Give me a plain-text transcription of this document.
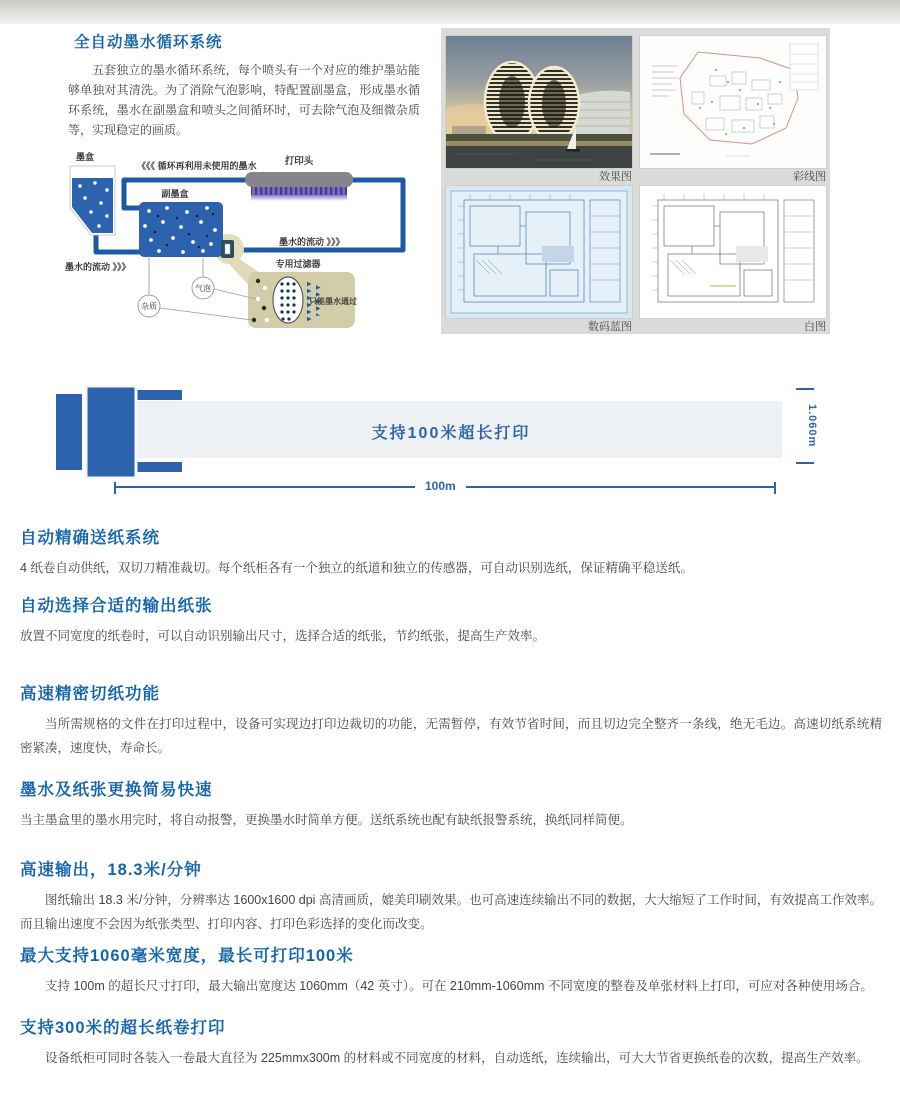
全自动墨水循环系统

五套独立的墨水循环系统，每个喷头有一个对应的维护墨站能够单独对其清洗。为了消除气泡影响，特配置副墨盒，形成墨水循环系统，墨水在副墨盒和喷头之间循环时，可去除气泡及细微杂质等，实现稳定的画质。

只能墨水通过
专用过滤器
墨盒
副墨盒
打印头
《《《 循环再利用未使用的墨水
墨水的流动 》》》
墨水的流动 》》》
气泡
杂质
效果图	彩线图
数码蓝图	白图
支持100米超长打印	1.060m
100m
自动精确送纸系统

4 纸卷自动供纸，双切刀精准裁切。每个纸柜各有一个独立的纸道和独立的传感器，可自动识别选纸，保证精确平稳送纸。

自动选择合适的输出纸张

放置不同宽度的纸卷时，可以自动识别输出尺寸，选择合适的纸张，节约纸张，提高生产效率。

高速精密切纸功能

当所需规格的文件在打印过程中，设备可实现边打印边裁切的功能，无需暂停，有效节省时间，而且切边完全整齐一条线，绝无毛边。高速切纸系统精密紧凑，速度快，寿命长。

墨水及纸张更换简易快速

当主墨盒里的墨水用完时，将自动报警，更换墨水时简单方便。送纸系统也配有缺纸报警系统，换纸同样简便。

高速输出，18.3米/分钟

图纸输出 18.3 米/分钟，分辨率达 1600x1600 dpi 高清画质，媲美印刷效果。也可高速连续输出不同的数据，大大缩短了工作时间，有效提高工作效率。而且输出速度不会因为纸张类型、打印内容、打印色彩选择的变化而改变。

最大支持1060毫米宽度，最长可打印100米

支持 100m 的超长尺寸打印，最大输出宽度达 1060mm（42 英寸）。可在 210mm-1060mm 不同宽度的整卷及单张材料上打印，可应对各种使用场合。

支持300米的超长纸卷打印

设备纸柜可同时各装入一卷最大直径为 225mmx300m 的材料或不同宽度的材料，自动选纸，连续输出，可大大节省更换纸卷的次数，提高生产效率。
